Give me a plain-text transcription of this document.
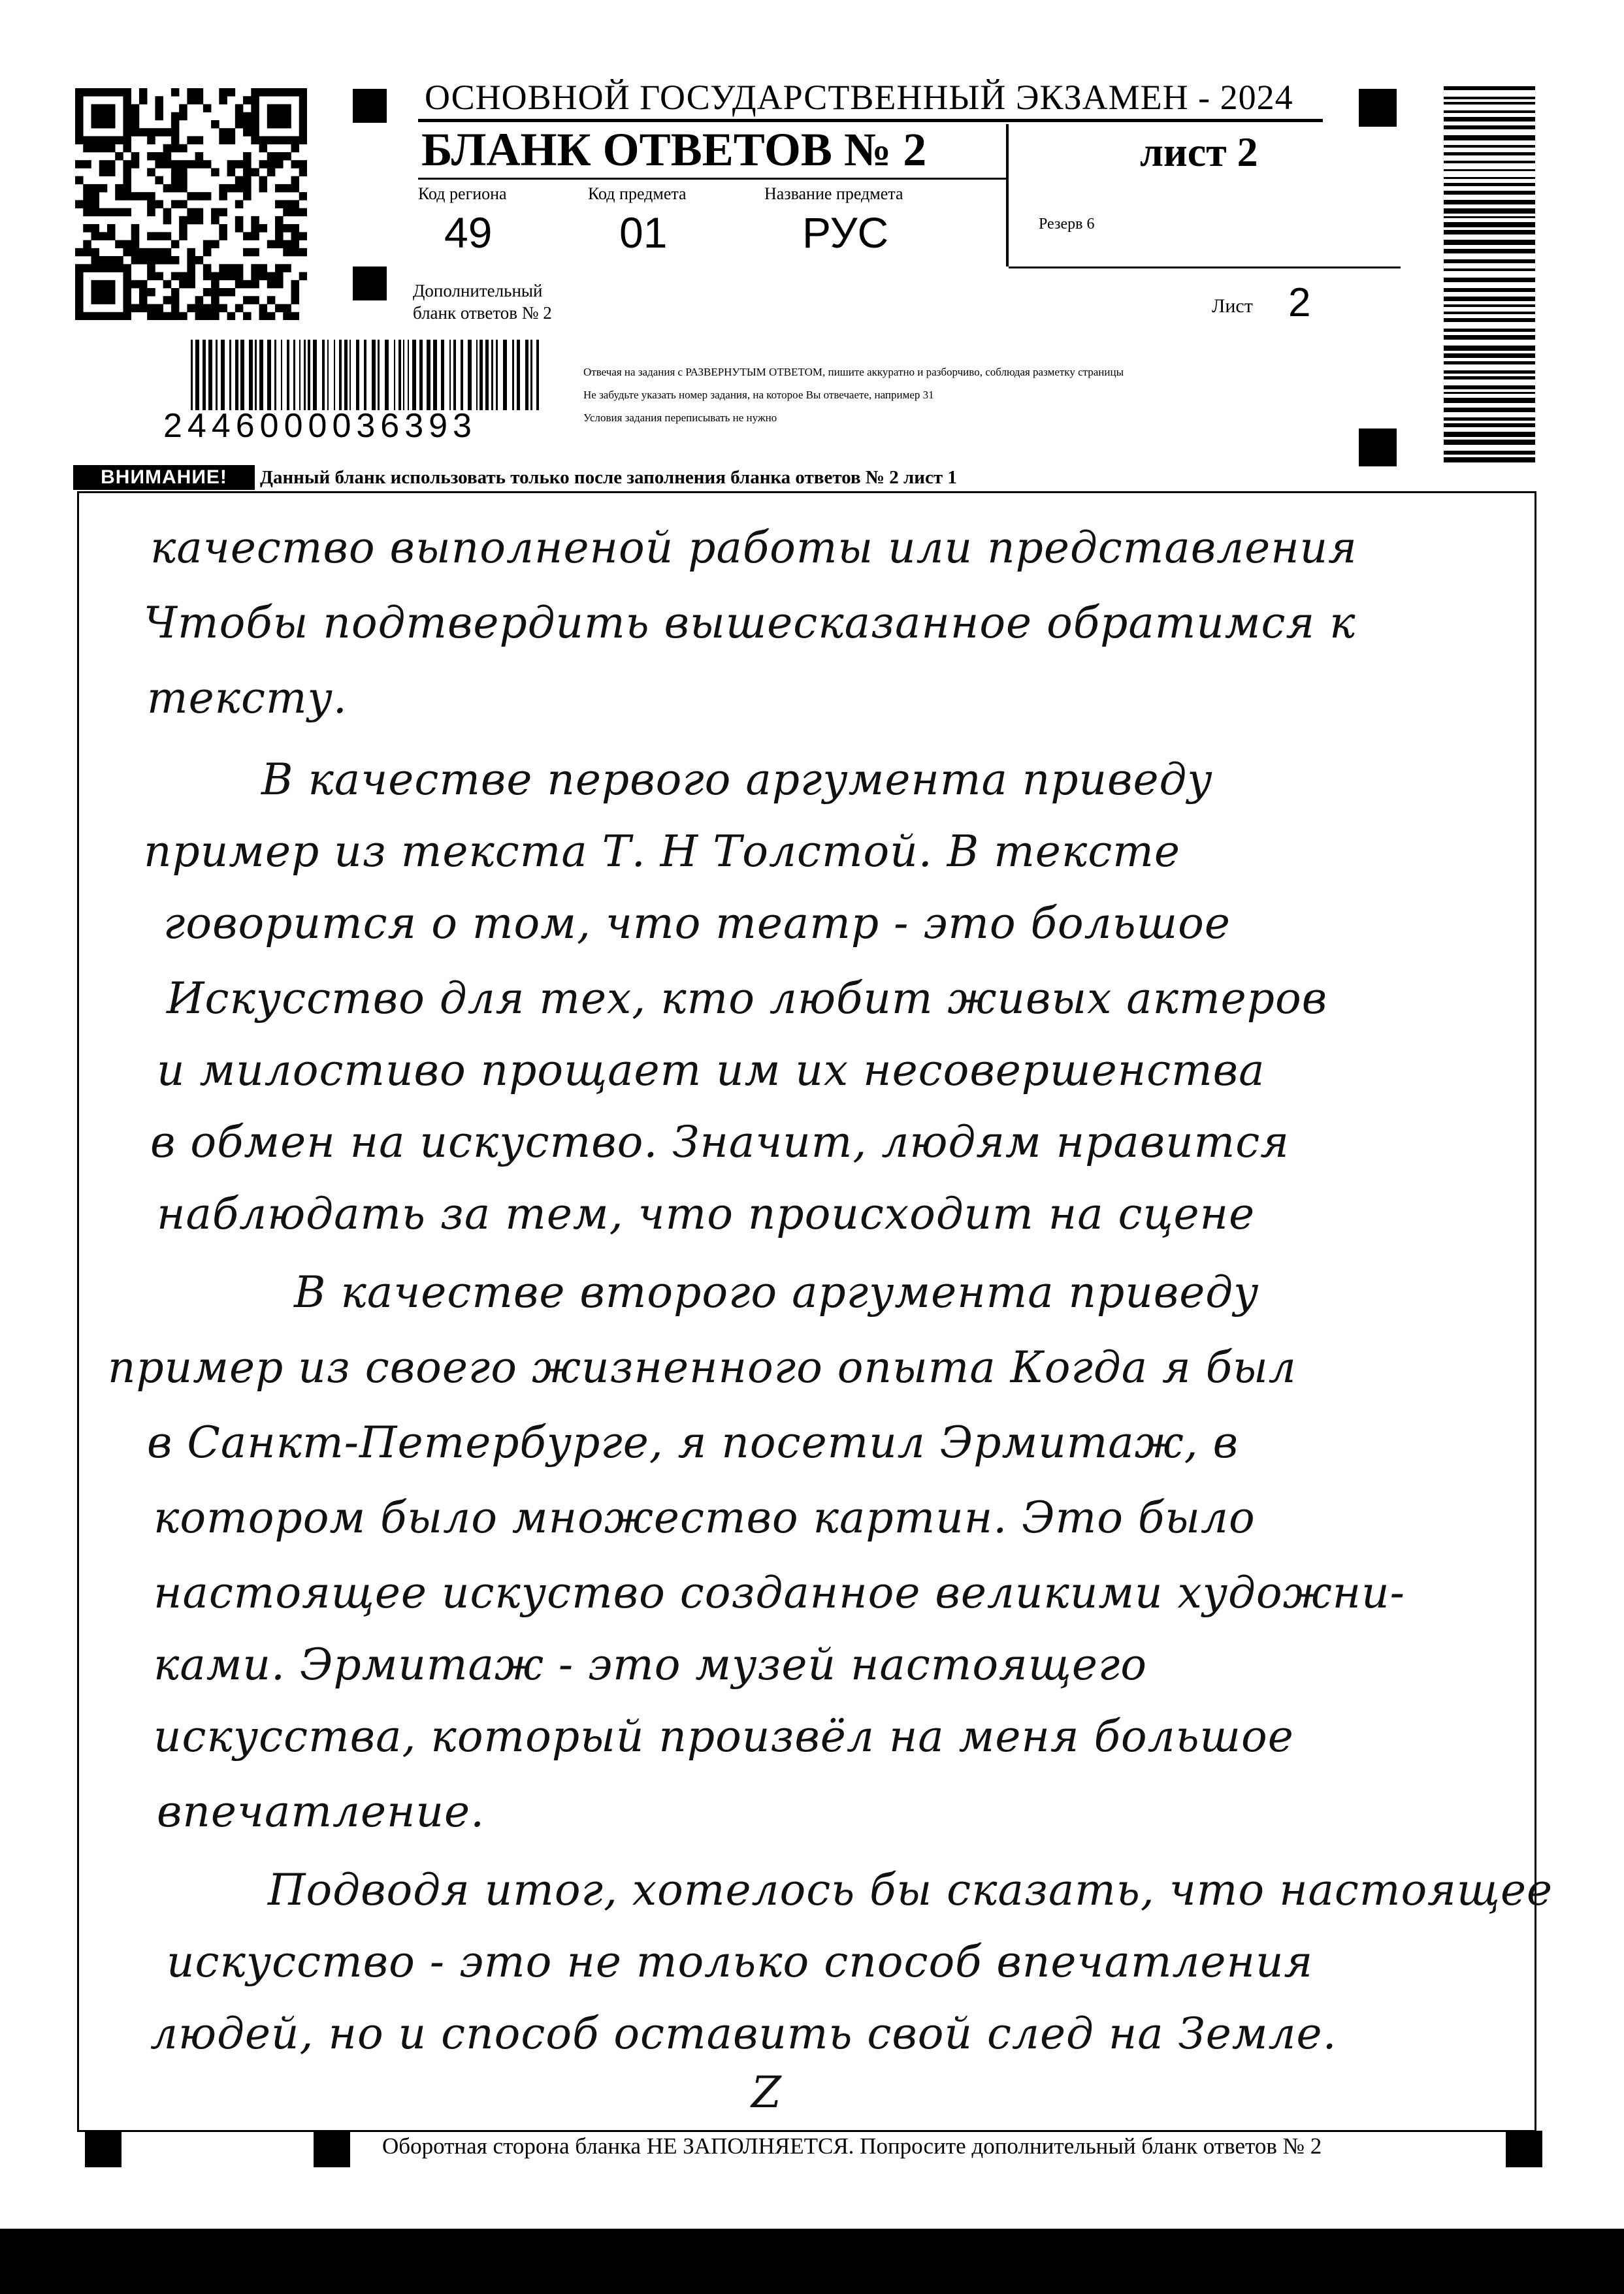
ОСНОВНОЙ ГОСУДАРСТВЕННЫЙ ЭКЗАМЕН - 2024
БЛАНК ОТВЕТОВ № 2	лист 2
Код региона
49
Код предмета
01
Название предмета
РУС	Резерв 6
Дополнительный
бланк ответов № 2	Лист 2
2446000036393
Отвечая на задания с РАЗВЕРНУТЫМ ОТВЕТОМ, пишите аккуратно и разборчиво, соблюдая разметку страницы
Не забудьте указать номер задания, на которое Вы отвечаете, например 31
Условия задания переписывать не нужно
ВНИМАНИЕ!	Данный бланк использовать только после заполнения бланка ответов № 2 лист 1
качество выполненой работы или представления
Чтобы подтвердить вышесказанное обратимся к
тексту.
В качестве первого аргумента приведу
пример из текста Т. Н Толстой. В тексте
говорится о том, что театр - это большое
Искусство для тех, кто любит живых актеров
и милостиво прощает им их несовершенства
в обмен на искуство. Значит, людям нравится
наблюдать за тем, что происходит на сцене
В качестве второго аргумента приведу
пример из своего жизненного опыта Когда я был
в Санкт-Петербурге, я посетил Эрмитаж, в
котором было множество картин. Это было
настоящее искуство созданное великими художни-
ками. Эрмитаж - это музей настоящего
искусства, который произвёл на меня большое
впечатление.
Подводя итог, хотелось бы сказать, что настоящее
искусство - это не только способ впечатления
людей, но и способ оставить свой след на Земле.
Z
Оборотная сторона бланка НЕ ЗАПОЛНЯЕТСЯ. Попросите дополнительный бланк ответов № 2
